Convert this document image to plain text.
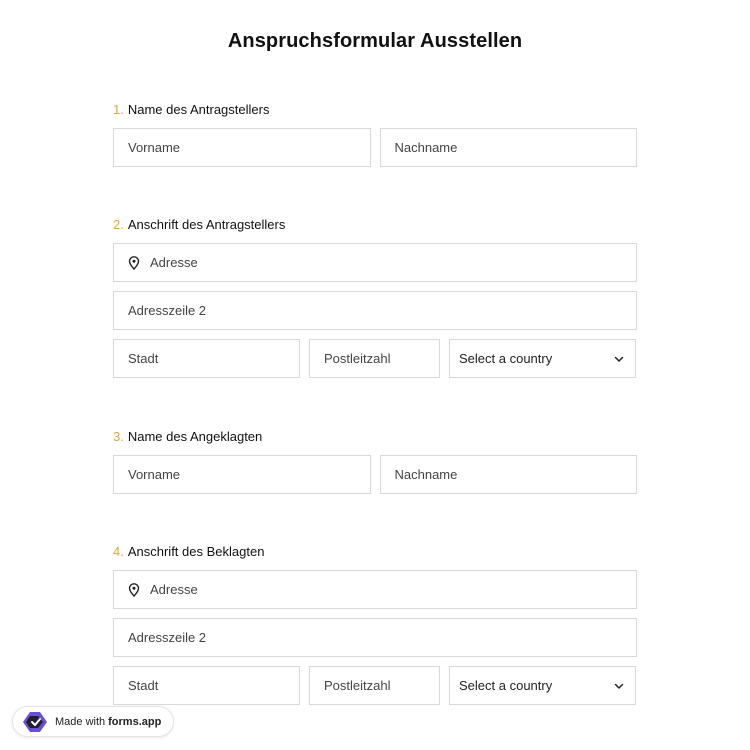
Anspruchsformular Ausstellen
1. Name des Antragstellers
Vorname	Nachname
2. Anschrift des Antragstellers
Adresse
Adresszeile 2
Stadt	Postleitzahl	Select a country
3. Name des Angeklagten
Vorname	Nachname
4. Anschrift des Beklagten
Adresse
Adresszeile 2
Stadt	Postleitzahl	Select a country
Made with forms.app
